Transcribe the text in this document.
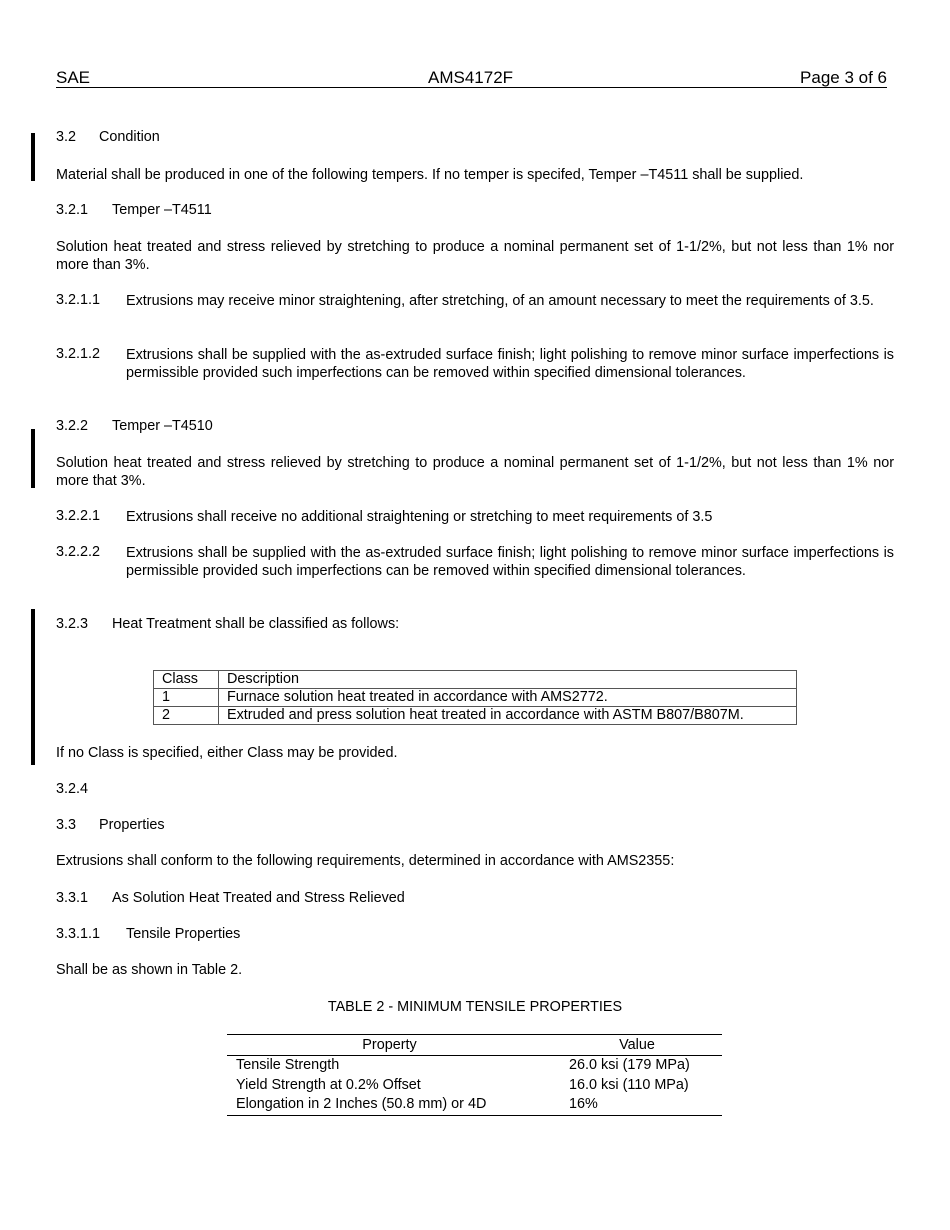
SAE	AMS4172F	Page 3 of 6
3.2 Condition
Material shall be produced in one of the following tempers. If no temper is specifed, Temper –T4511 shall be supplied.
3.2.1 Temper –T4511
Solution heat treated and stress relieved by stretching to produce a nominal permanent set of 1-1/2%, but not less than 1% nor more than 3%.
3.2.1.1 Extrusions may receive minor straightening, after stretching, of an amount necessary to meet the requirements of 3.5.
3.2.1.2 Extrusions shall be supplied with the as-extruded surface finish; light polishing to remove minor surface imperfections is permissible provided such imperfections can be removed within specified dimensional tolerances.
3.2.2 Temper –T4510
Solution heat treated and stress relieved by stretching to produce a nominal permanent set of 1-1/2%, but not less than 1% nor more that 3%.
3.2.2.1 Extrusions shall receive no additional straightening or stretching to meet requirements of 3.5
3.2.2.2 Extrusions shall be supplied with the as-extruded surface finish; light polishing to remove minor surface imperfections is permissible provided such imperfections can be removed within specified dimensional tolerances.
3.2.3 Heat Treatment shall be classified as follows:
Class	Description
1	Furnace solution heat treated in accordance with AMS2772.
2	Extruded and press solution heat treated in accordance with ASTM B807/B807M.
If no Class is specified, either Class may be provided.
3.2.4
3.3 Properties
Extrusions shall conform to the following requirements, determined in accordance with AMS2355:
3.3.1 As Solution Heat Treated and Stress Relieved
3.3.1.1 Tensile Properties
Shall be as shown in Table 2.
TABLE 2 - MINIMUM TENSILE PROPERTIES
Property	Value
Tensile Strength	26.0 ksi (179 MPa)
Yield Strength at 0.2% Offset	16.0 ksi (110 MPa)
Elongation in 2 Inches (50.8 mm) or 4D	16%
